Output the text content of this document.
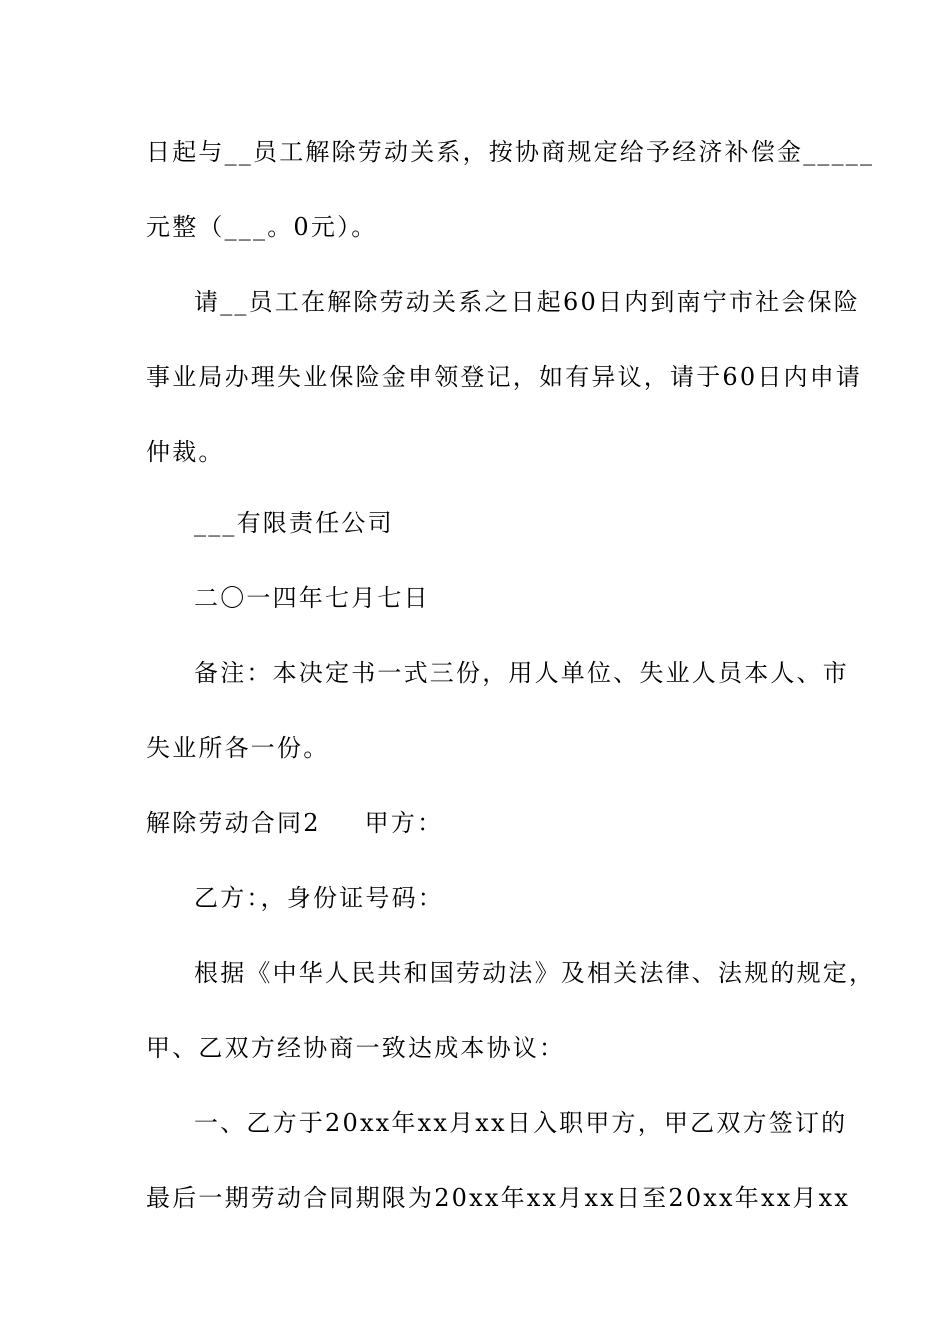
日起与__员工解除劳动关系，按协商规定给予经济补偿金_____
元整（___。0元）。
请__员工在解除劳动关系之日起60日内到南宁市社会保险
事业局办理失业保险金申领登记，如有异议，请于60日内申请
仲裁。
___有限责任公司
二〇一四年七月七日
备注：本决定书一式三份，用人单位、失业人员本人、市
失业所各一份。
解除劳动合同2 甲方：
乙方：，身份证号码：
根据《中华人民共和国劳动法》及相关法律、法规的规定，
甲、乙双方经协商一致达成本协议：
一、乙方于20xx年xx月xx日入职甲方，甲乙双方签订的
最后一期劳动合同期限为20xx年xx月xx日至20xx年xx月xx
